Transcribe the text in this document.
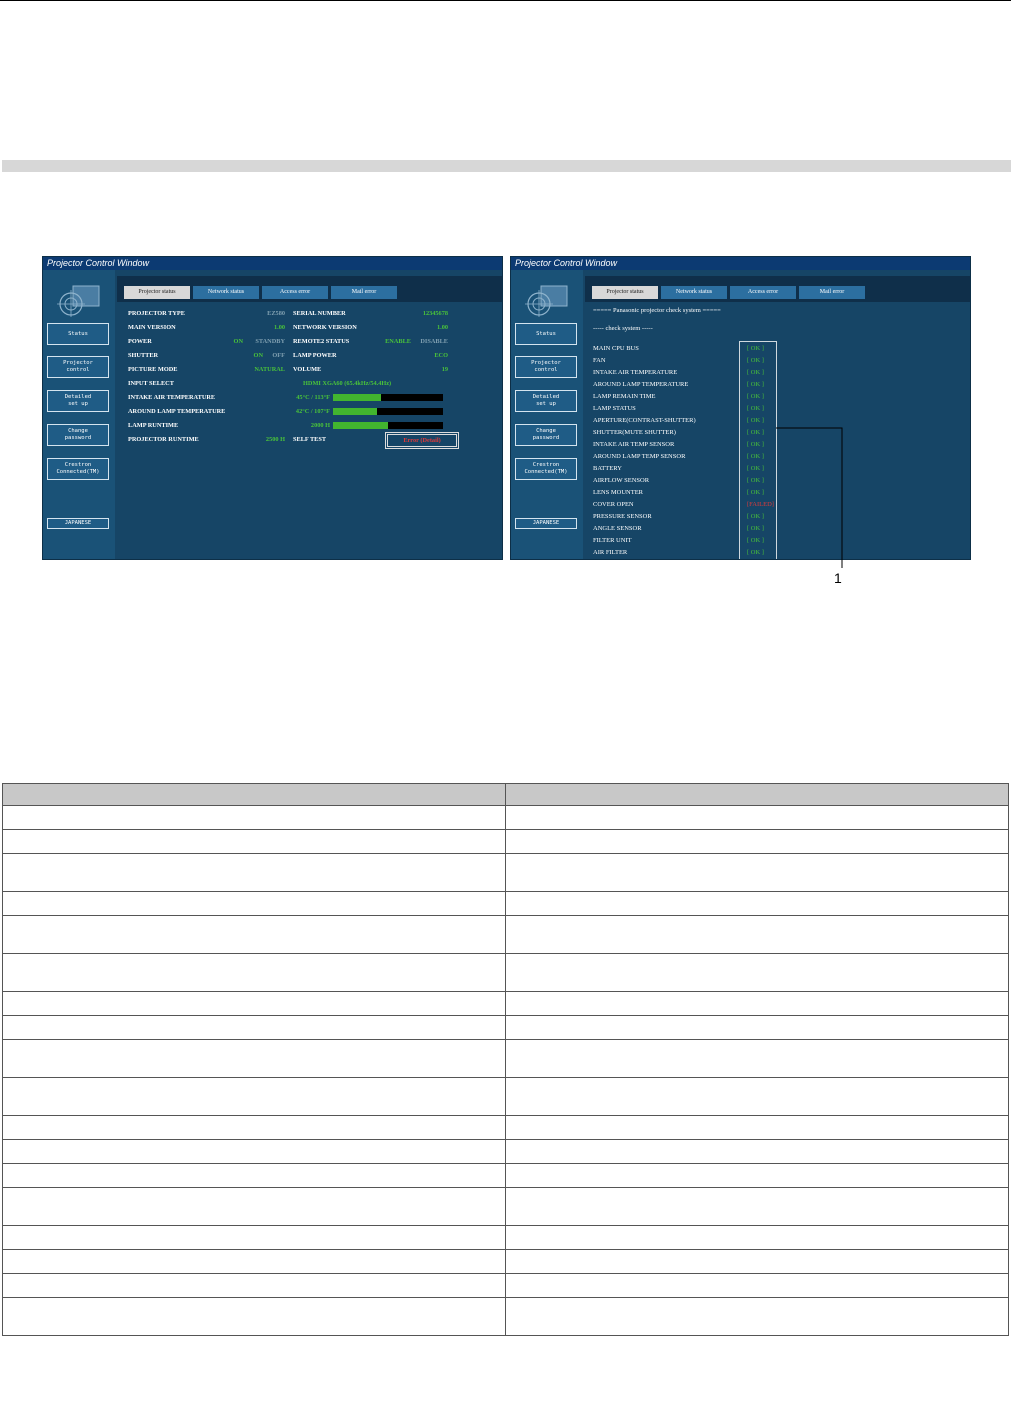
Projector Control Window
Status
Projector
control
Detailed
set up
Change
password
Crestron
Connected(TM)
JAPANESE
Projector status	Network status	Access error	Mail error
PROJECTOR TYPE	EZ580 SERIAL NUMBER	12345678
MAIN VERSION	1.00 NETWORK VERSION	1.00
POWER	ON	STANDBY REMOTE2 STATUS	ENABLE	DISABLE
SHUTTER	ON	OFF LAMP POWER	ECO
PICTURE MODE	NATURAL VOLUME	19
INPUT SELECT	HDMI XGA60 (65.4kHz/54.4Hz)
INTAKE AIR TEMPERATURE	45°C / 113°F
AROUND LAMP TEMPERATURE	42°C / 107°F
LAMP RUNTIME	2000 H
PROJECTOR RUNTIME	2500 H SELF TEST	Error (Detail)
Projector Control Window
Status
Projector
control
Detailed
set up
Change
password
Crestron
Connected(TM)
JAPANESE
Projector status	Network status	Access error	Mail error
===== Panasonic projector check system =====
----- check system -----
MAIN CPU BUS	[ OK ]
FAN	[ OK ]
INTAKE AIR TEMPERATURE	[ OK ]
AROUND LAMP TEMPERATURE	[ OK ]
LAMP REMAIN TIME	[ OK ]
LAMP STATUS	[ OK ]
APERTURE(CONTRAST-SHUTTER)	[ OK ]
SHUTTER(MUTE SHUTTER)	[ OK ]
INTAKE AIR TEMP SENSOR	[ OK ]
AROUND LAMP TEMP SENSOR	[ OK ]
BATTERY	[ OK ]
AIRFLOW SENSOR	[ OK ]
LENS MOUNTER	[ OK ]
COVER OPEN	[FAILED]
PRESSURE SENSOR	[ OK ]
ANGLE SENSOR	[ OK ]
FILTER UNIT	[ OK ]
AIR FILTER	[ OK ]
1
